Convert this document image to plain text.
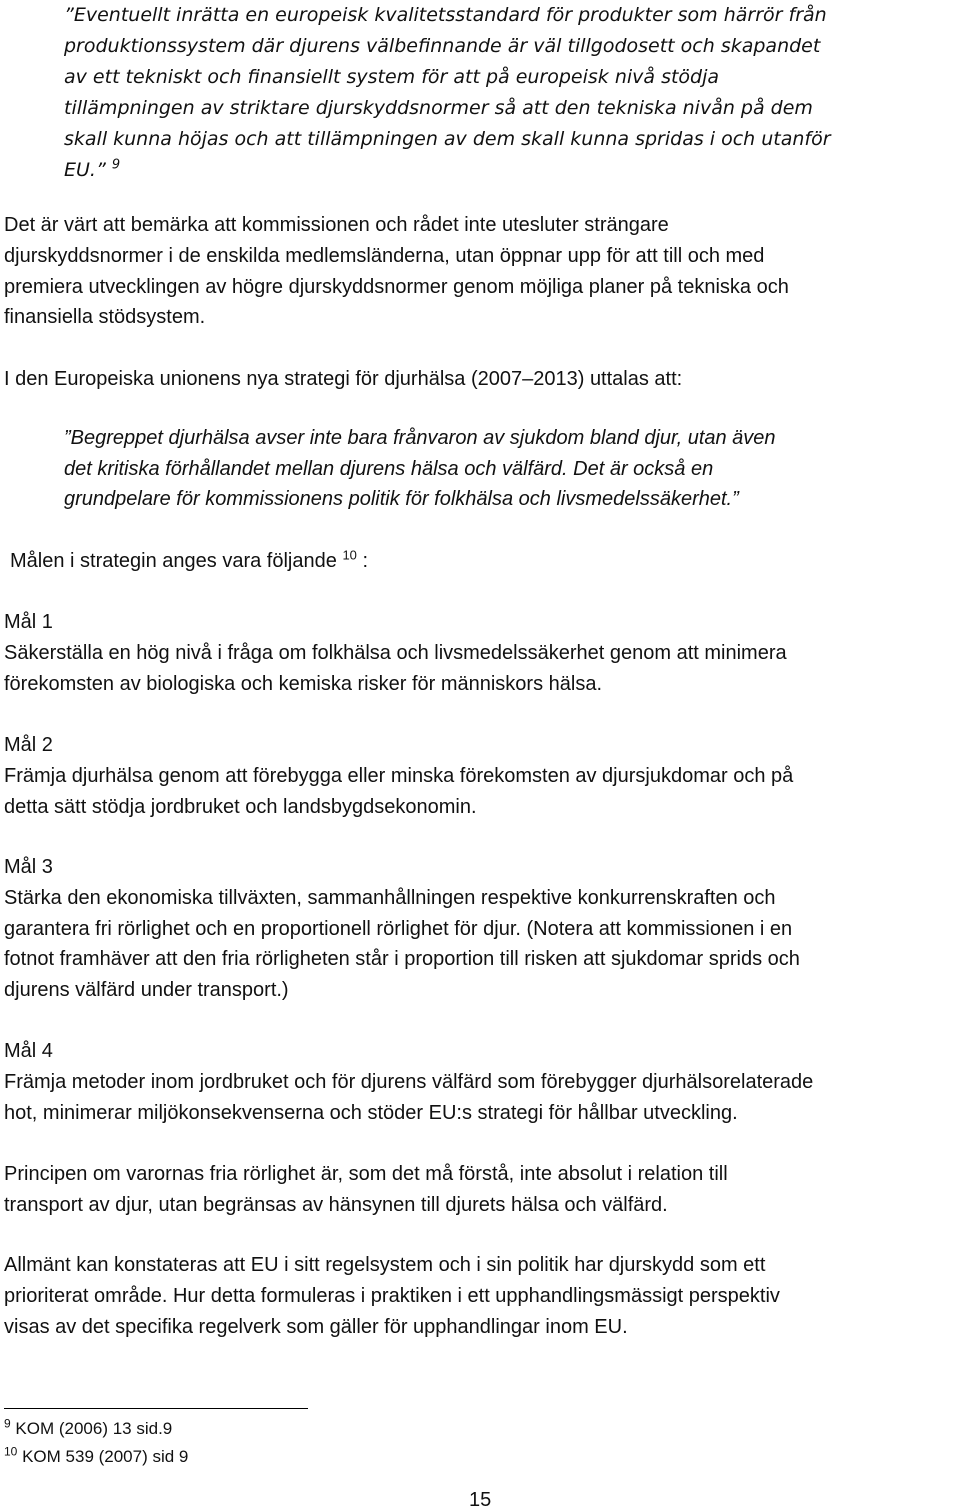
”Eventuellt inrätta en europeisk kvalitetsstandard för produkter som härrör från
produktionssystem där djurens välbefinnande är väl tillgodosett och skapandet
av ett tekniskt och finansiellt system för att på europeisk nivå stödja
tillämpningen av striktare djurskyddsnormer så att den tekniska nivån på dem
skall kunna höjas och att tillämpningen av dem skall kunna spridas i och utanför
EU.” $^9$
Det är värt att bemärka att kommissionen och rådet inte utesluter strängare
djurskyddsnormer i de enskilda medlemsländerna, utan öppnar upp för att till och med
premiera utvecklingen av högre djurskyddsnormer genom möjliga planer på tekniska och
finansiella stödsystem.
I den Europeiska unionens nya strategi för djurhälsa (2007–2013) uttalas att:
”Begreppet djurhälsa avser inte bara frånvaron av sjukdom bland djur, utan även
det kritiska förhållandet mellan djurens hälsa och välfärd. Det är också en
grundpelare för kommissionens politik för folkhälsa och livsmedelssäkerhet.”
Målen i strategin anges vara följande $^{10}$ :
Mål 1
Säkerställa en hög nivå i fråga om folkhälsa och livsmedelssäkerhet genom att minimera
förekomsten av biologiska och kemiska risker för människors hälsa.
Mål 2
Främja djurhälsa genom att förebygga eller minska förekomsten av djursjukdomar och på
detta sätt stödja jordbruket och landsbygdsekonomin.
Mål 3
Stärka den ekonomiska tillväxten, sammanhållningen respektive konkurrenskraften och
garantera fri rörlighet och en proportionell rörlighet för djur. (Notera att kommissionen i en
fotnot framhäver att den fria rörligheten står i proportion till risken att sjukdomar sprids och
djurens välfärd under transport.)
Mål 4
Främja metoder inom jordbruket och för djurens välfärd som förebygger djurhälsorelaterade
hot, minimerar miljökonsekvenserna och stöder EU:s strategi för hållbar utveckling.
Principen om varornas fria rörlighet är, som det må förstå, inte absolut i relation till
transport av djur, utan begränsas av hänsynen till djurets hälsa och välfärd.
Allmänt kan konstateras att EU i sitt regelsystem och i sin politik har djurskydd som ett
prioriterat område. Hur detta formuleras i praktiken i ett upphandlingsmässigt perspektiv
visas av det specifika regelverk som gäller för upphandlingar inom EU.
$^9$ KOM (2006) 13 sid.9
$^{10}$ KOM 539 (2007) sid 9
15
